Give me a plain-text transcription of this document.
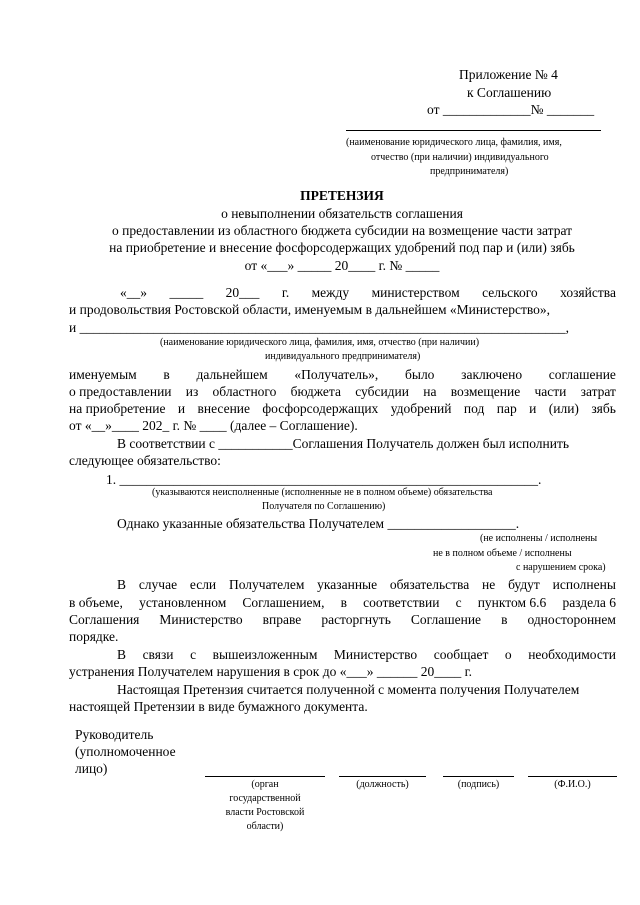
Приложение № 4
к Соглашению
от _____________№ _______
(наименование юридического лица, фамилия, имя,
отчество (при наличии) индивидуального
предпринимателя)
ПРЕТЕНЗИЯ
о невыполнении обязательств соглашения
о предоставлении из областного бюджета субсидии на возмещение части затрат
на приобретение и внесение фосфорсодержащих удобрений под пар и (или) зябь
от «___» _____ 20____ г. № _____
«__» _____ 20___ г. между министерством сельского хозяйства
и продовольствия Ростовской области, именуемым в дальнейшем «Министерство»,
и ________________________________________________________________________,
(наименование юридического лица, фамилия, имя, отчество (при наличии)
индивидуального предпринимателя)
именуемым в дальнейшем «Получатель», было заключено соглашение
о предоставлении из областного бюджета субсидии на возмещение части затрат
на приобретение и внесение фосфорсодержащих удобрений под пар и (или) зябь
от «__»____ 202_ г. № ____ (далее – Соглашение).
В соответствии с ___________Соглашения Получатель должен был исполнить
следующее обязательство:
1. ______________________________________________________________.
(указываются неисполненные (исполненные не в полном объеме) обязательства
Получателя по Соглашению)
Однако указанные обязательства Получателем ___________________.
(не исполнены / исполнены
не в полном объеме / исполнены
с нарушением срока)
В случае если Получателем указанные обязательства не будут исполнены
в объеме, установленном Соглашением, в соответствии с пунктом 6.6 раздела 6
Соглашения Министерство вправе расторгнуть Соглашение в одностороннем
порядке.
В связи с вышеизложенным Министерство сообщает о необходимости
устранения Получателем нарушения в срок до «___» ______ 20____ г.
Настоящая Претензия считается полученной с момента получения Получателем
настоящей Претензии в виде бумажного документа.
Руководитель
(уполномоченное
лицо)
(орган
государственной
власти Ростовской
области)
(должность)	(подпись)	(Ф.И.О.)
